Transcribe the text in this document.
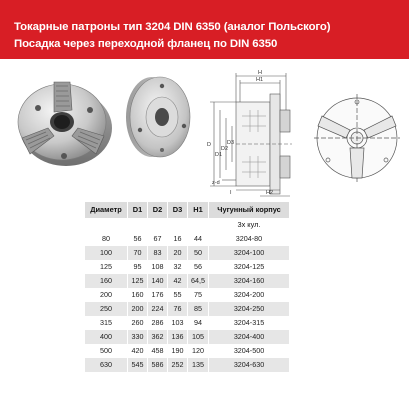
Токарные патроны тип 3204 DIN 6350 (аналог Польского)
Посадка через переходной фланец по DIN 6350
H
H1
D
D1
D2
D3
z-d
I	H2
Диаметр	D1	D2	D3	H1	Чугунный корпус
					3х кул.
80	56	67	16	44	3204-80
100	70	83	20	50	3204-100
125	95	108	32	56	3204-125
160	125	140	42	64,5	3204-160
200	160	176	55	75	3204-200
250	200	224	76	85	3204-250
315	260	286	103	94	3204-315
400	330	362	136	105	3204-400
500	420	458	190	120	3204-500
630	545	586	252	135	3204-630
